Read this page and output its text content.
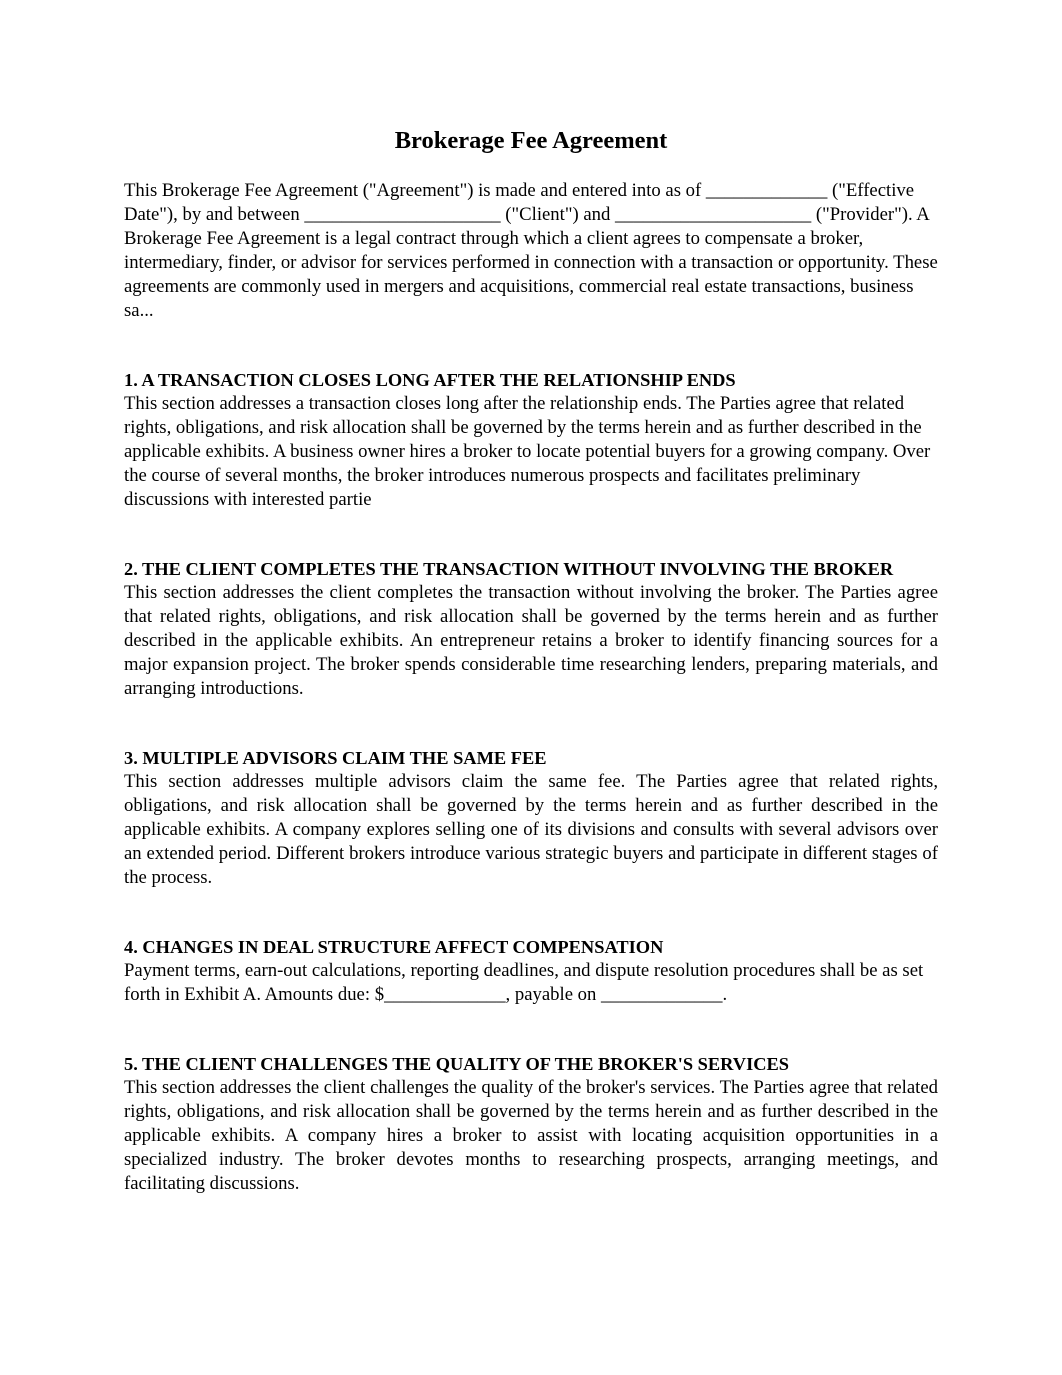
Brokerage Fee Agreement

This Brokerage Fee Agreement ("Agreement") is made and entered into as of _____________ ("Effective Date"), by and between _____________________ ("Client") and _____________________ ("Provider"). A Brokerage Fee Agreement is a legal contract through which a client agrees to compensate a broker, intermediary, finder, or advisor for services performed in connection with a transaction or opportunity. These agreements are commonly used in mergers and acquisitions, commercial real estate transactions, business sa...

1. A TRANSACTION CLOSES LONG AFTER THE RELATIONSHIP ENDS

This section addresses a transaction closes long after the relationship ends. The Parties agree that related rights, obligations, and risk allocation shall be governed by the terms herein and as further described in the applicable exhibits. A business owner hires a broker to locate potential buyers for a growing company. Over the course of several months, the broker introduces numerous prospects and facilitates preliminary discussions with interested partie

2. THE CLIENT COMPLETES THE TRANSACTION WITHOUT INVOLVING THE BROKER

This section addresses the client completes the transaction without involving the broker. The Parties agree that related rights, obligations, and risk allocation shall be governed by the terms herein and as further described in the applicable exhibits. An entrepreneur retains a broker to identify financing sources for a major expansion project. The broker spends considerable time researching lenders, preparing materials, and arranging introductions.

3. MULTIPLE ADVISORS CLAIM THE SAME FEE

This section addresses multiple advisors claim the same fee. The Parties agree that related rights, obligations, and risk allocation shall be governed by the terms herein and as further described in the applicable exhibits. A company explores selling one of its divisions and consults with several advisors over an extended period. Different brokers introduce various strategic buyers and participate in different stages of the process.

4. CHANGES IN DEAL STRUCTURE AFFECT COMPENSATION

Payment terms, earn-out calculations, reporting deadlines, and dispute resolution procedures shall be as set forth in Exhibit A. Amounts due: $_____________, payable on _____________.

5. THE CLIENT CHALLENGES THE QUALITY OF THE BROKER'S SERVICES

This section addresses the client challenges the quality of the broker's services. The Parties agree that related rights, obligations, and risk allocation shall be governed by the terms herein and as further described in the applicable exhibits. A company hires a broker to assist with locating acquisition opportunities in a specialized industry. The broker devotes months to researching prospects, arranging meetings, and facilitating discussions.
